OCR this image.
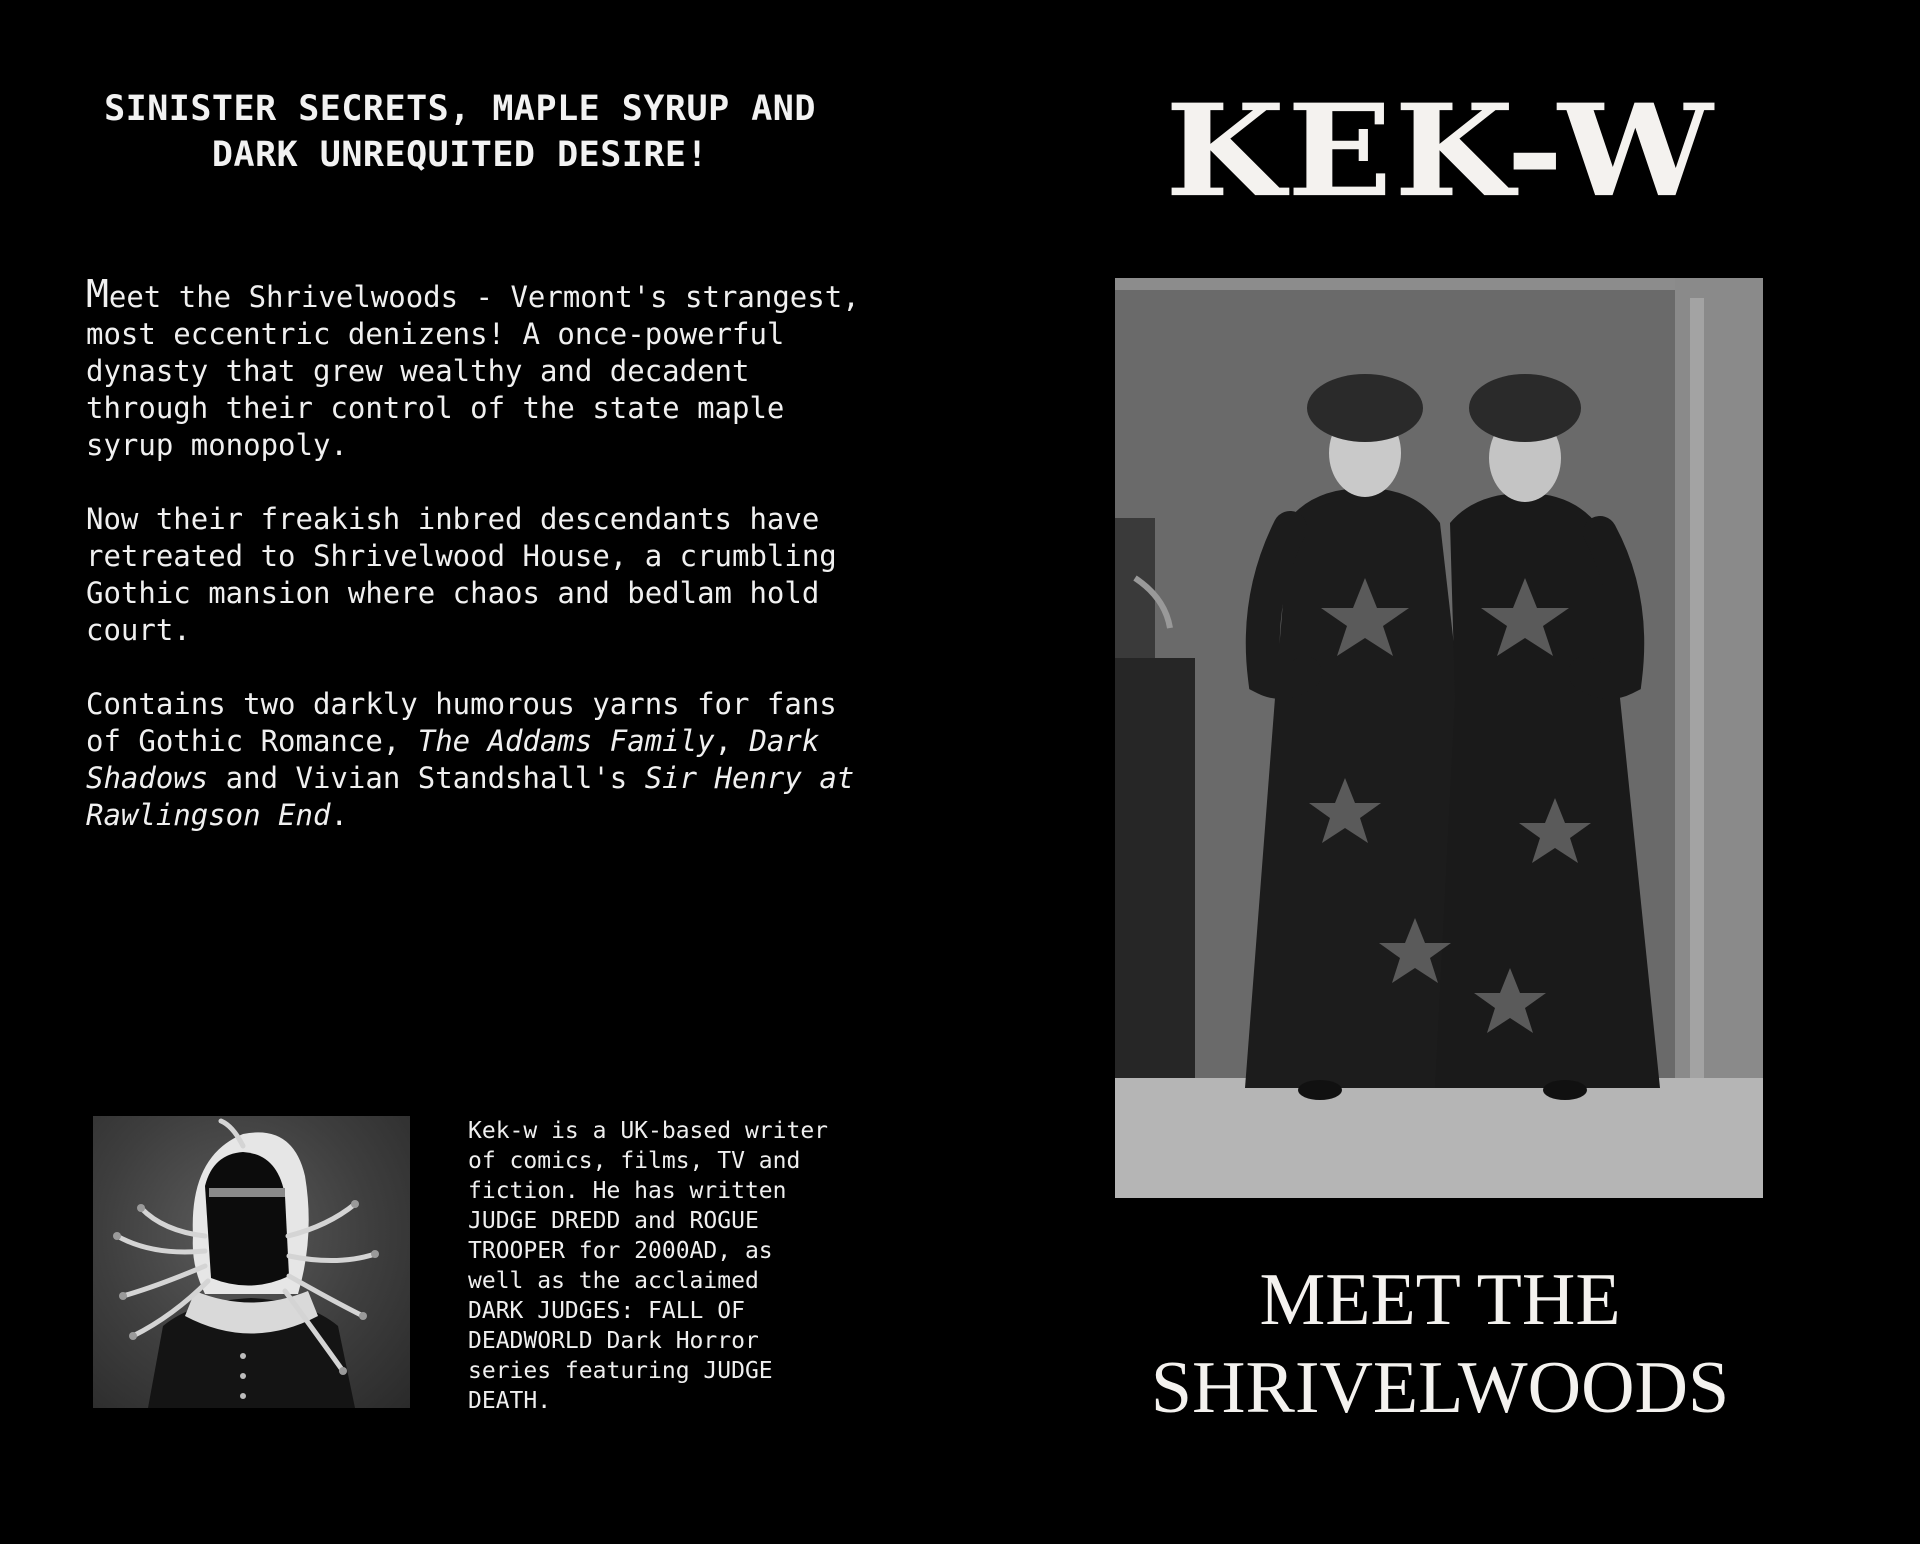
SINISTER SECRETS, MAPLE SYRUP AND
DARK UNREQUITED DESIRE!

Meet the Shrivelwoods - Vermont's strangest, most eccentric denizens! A once-powerful dynasty that grew wealthy and decadent through their control of the state maple syrup monopoly.

Now their freakish inbred descendants have retreated to Shrivelwood House, a crumbling Gothic mansion where chaos and bedlam hold court.

Contains two darkly humorous yarns for fans of Gothic Romance, The Addams Family, Dark Shadows and Vivian Standshall's Sir Henry at Rawlingson End.

Kek-w is a UK-based writer
of comics, films, TV and
fiction. He has written
JUDGE DREDD and ROGUE
TROOPER for 2000AD, as
well as the acclaimed
DARK JUDGES: FALL OF
DEADWORLD Dark Horror
series featuring JUDGE
DEATH.
KEK-W
MEET THE
SHRIVELWOODS
